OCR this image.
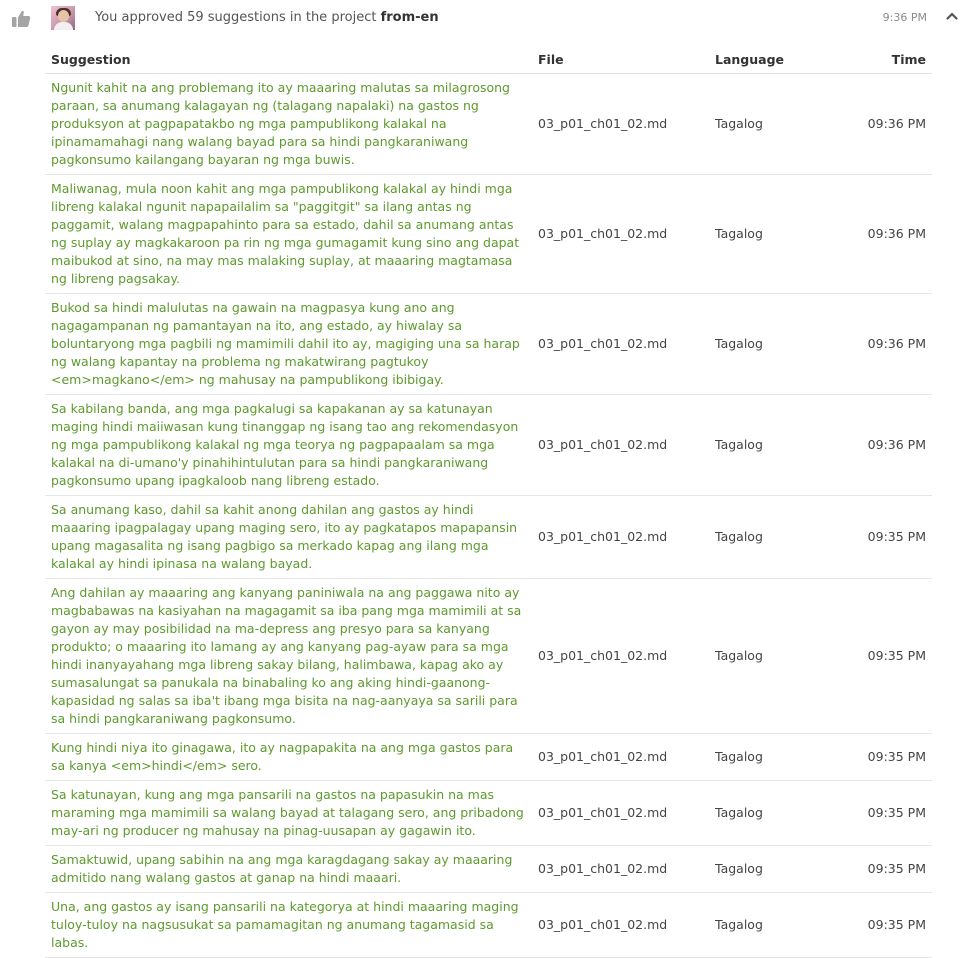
You approved 59 suggestions in the project from-en	9:36 PM
Suggestion	File	Language	Time
Ngunit kahit na ang problemang ito ay maaaring malutas sa milagrosong paraan, sa anumang kalagayan ng (talagang napalaki) na gastos ng produksyon at pagpapatakbo ng mga pampublikong kalakal na ipinamamahagi nang walang bayad para sa hindi pangkaraniwang pagkonsumo kailangang bayaran ng mga buwis.	03_p01_ch01_02.md	Tagalog	09:36 PM
Maliwanag, mula noon kahit ang mga pampublikong kalakal ay hindi mga libreng kalakal ngunit napapailalim sa "paggitgit" sa ilang antas ng paggamit, walang magpapahinto para sa estado, dahil sa anumang antas ng suplay ay magkakaroon pa rin ng mga gumagamit kung sino ang dapat maibukod at sino, na may mas malaking suplay, at maaaring magtamasa ng libreng pagsakay.	03_p01_ch01_02.md	Tagalog	09:36 PM
Bukod sa hindi malulutas na gawain na magpasya kung ano ang nagagampanan ng pamantayan na ito, ang estado, ay hiwalay sa boluntaryong mga pagbili ng mamimili dahil ito ay, magiging una sa harap ng walang kapantay na problema ng makatwirang pagtukoy <em>magkano</em> ng mahusay na pampublikong ibibigay.	03_p01_ch01_02.md	Tagalog	09:36 PM
Sa kabilang banda, ang mga pagkalugi sa kapakanan ay sa katunayan maging hindi maiiwasan kung tinanggap ng isang tao ang rekomendasyon ng mga pampublikong kalakal ng mga teorya ng pagpapaalam sa mga kalakal na di-umano'y pinahihintulutan para sa hindi pangkaraniwang pagkonsumo upang ipagkaloob nang libreng estado.	03_p01_ch01_02.md	Tagalog	09:36 PM
Sa anumang kaso, dahil sa kahit anong dahilan ang gastos ay hindi maaaring ipagpalagay upang maging sero, ito ay pagkatapos mapapansin upang magasalita ng isang pagbigo sa merkado kapag ang ilang mga kalakal ay hindi ipinasa na walang bayad.	03_p01_ch01_02.md	Tagalog	09:35 PM
Ang dahilan ay maaaring ang kanyang paniniwala na ang paggawa nito ay magbabawas na kasiyahan na magagamit sa iba pang mga mamimili at sa gayon ay may posibilidad na ma-depress ang presyo para sa kanyang produkto; o maaaring ito lamang ay ang kanyang pag-ayaw para sa mga hindi inanyayahang mga libreng sakay bilang, halimbawa, kapag ako ay sumasalungat sa panukala na binabaling ko ang aking hindi-gaanong-kapasidad ng salas sa iba't ibang mga bisita na nag-aanyaya sa sarili para sa hindi pangkaraniwang pagkonsumo.	03_p01_ch01_02.md	Tagalog	09:35 PM
Kung hindi niya ito ginagawa, ito ay nagpapakita na ang mga gastos para sa kanya <em>hindi</em> sero.	03_p01_ch01_02.md	Tagalog	09:35 PM
Sa katunayan, kung ang mga pansarili na gastos na papasukin na mas maraming mga mamimili sa walang bayad at talagang sero, ang pribadong may-ari ng producer ng mahusay na pinag-uusapan ay gagawin ito.	03_p01_ch01_02.md	Tagalog	09:35 PM
Samaktuwid, upang sabihin na ang mga karagdagang sakay ay maaaring admitido nang walang gastos at ganap na hindi maaari.	03_p01_ch01_02.md	Tagalog	09:35 PM
Una, ang gastos ay isang pansarili na kategorya at hindi maaaring maging tuloy-tuloy na nagsusukat sa pamamagitan ng anumang tagamasid sa labas.	03_p01_ch01_02.md	Tagalog	09:35 PM
